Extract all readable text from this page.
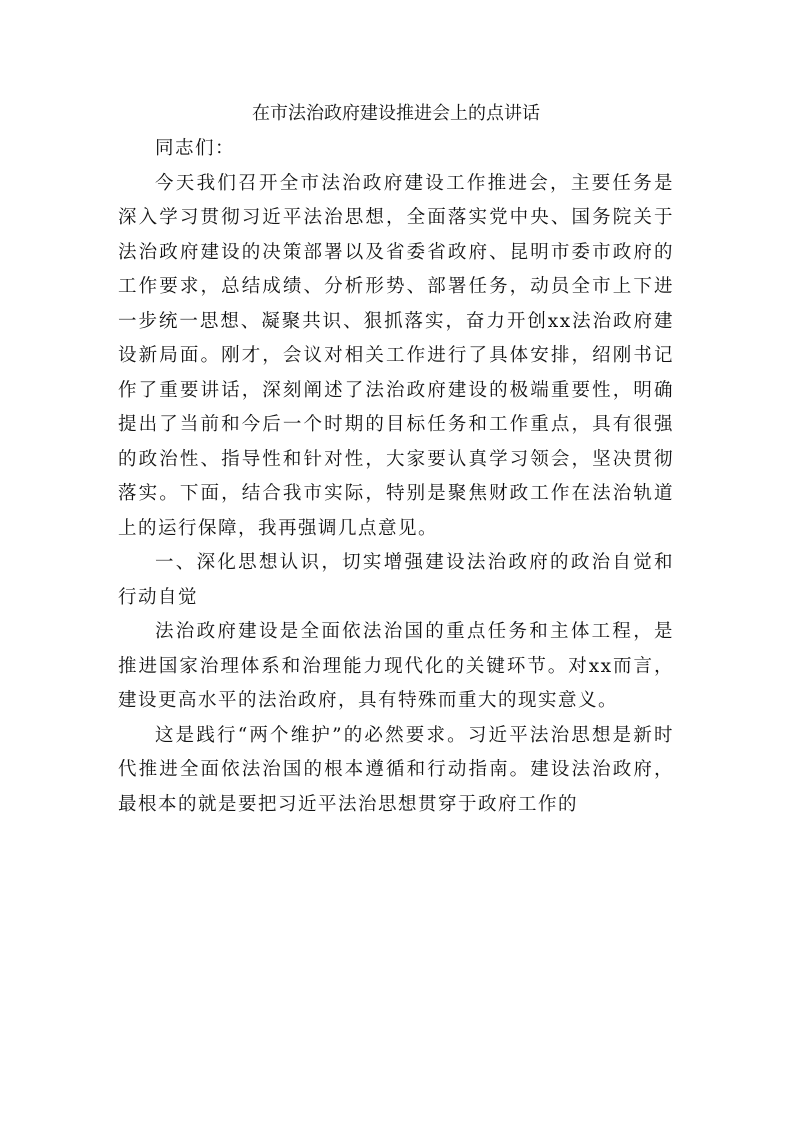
在市法治政府建设推进会上的点讲话

同志们：

今天我们召开全市法治政府建设工作推进会，主要任务是深入学习贯彻习近平法治思想，全面落实党中央、国务院关于法治政府建设的决策部署以及省委省政府、昆明市委市政府的工作要求，总结成绩、分析形势、部署任务，动员全市上下进一步统一思想、凝聚共识、狠抓落实，奋力开创xx法治政府建设新局面。刚才，会议对相关工作进行了具体安排，绍刚书记作了重要讲话，深刻阐述了法治政府建设的极端重要性，明确提出了当前和今后一个时期的目标任务和工作重点，具有很强的政治性、指导性和针对性，大家要认真学习领会，坚决贯彻落实。下面，结合我市实际，特别是聚焦财政工作在法治轨道上的运行保障，我再强调几点意见。

一、深化思想认识，切实增强建设法治政府的政治自觉和行动自觉

法治政府建设是全面依法治国的重点任务和主体工程，是推进国家治理体系和治理能力现代化的关键环节。对xx而言，建设更高水平的法治政府，具有特殊而重大的现实意义。

这是践行“两个维护”的必然要求。习近平法治思想是新时代推进全面依法治国的根本遵循和行动指南。建设法治政府，最根本的就是要把习近平法治思想贯穿于政府工作的
